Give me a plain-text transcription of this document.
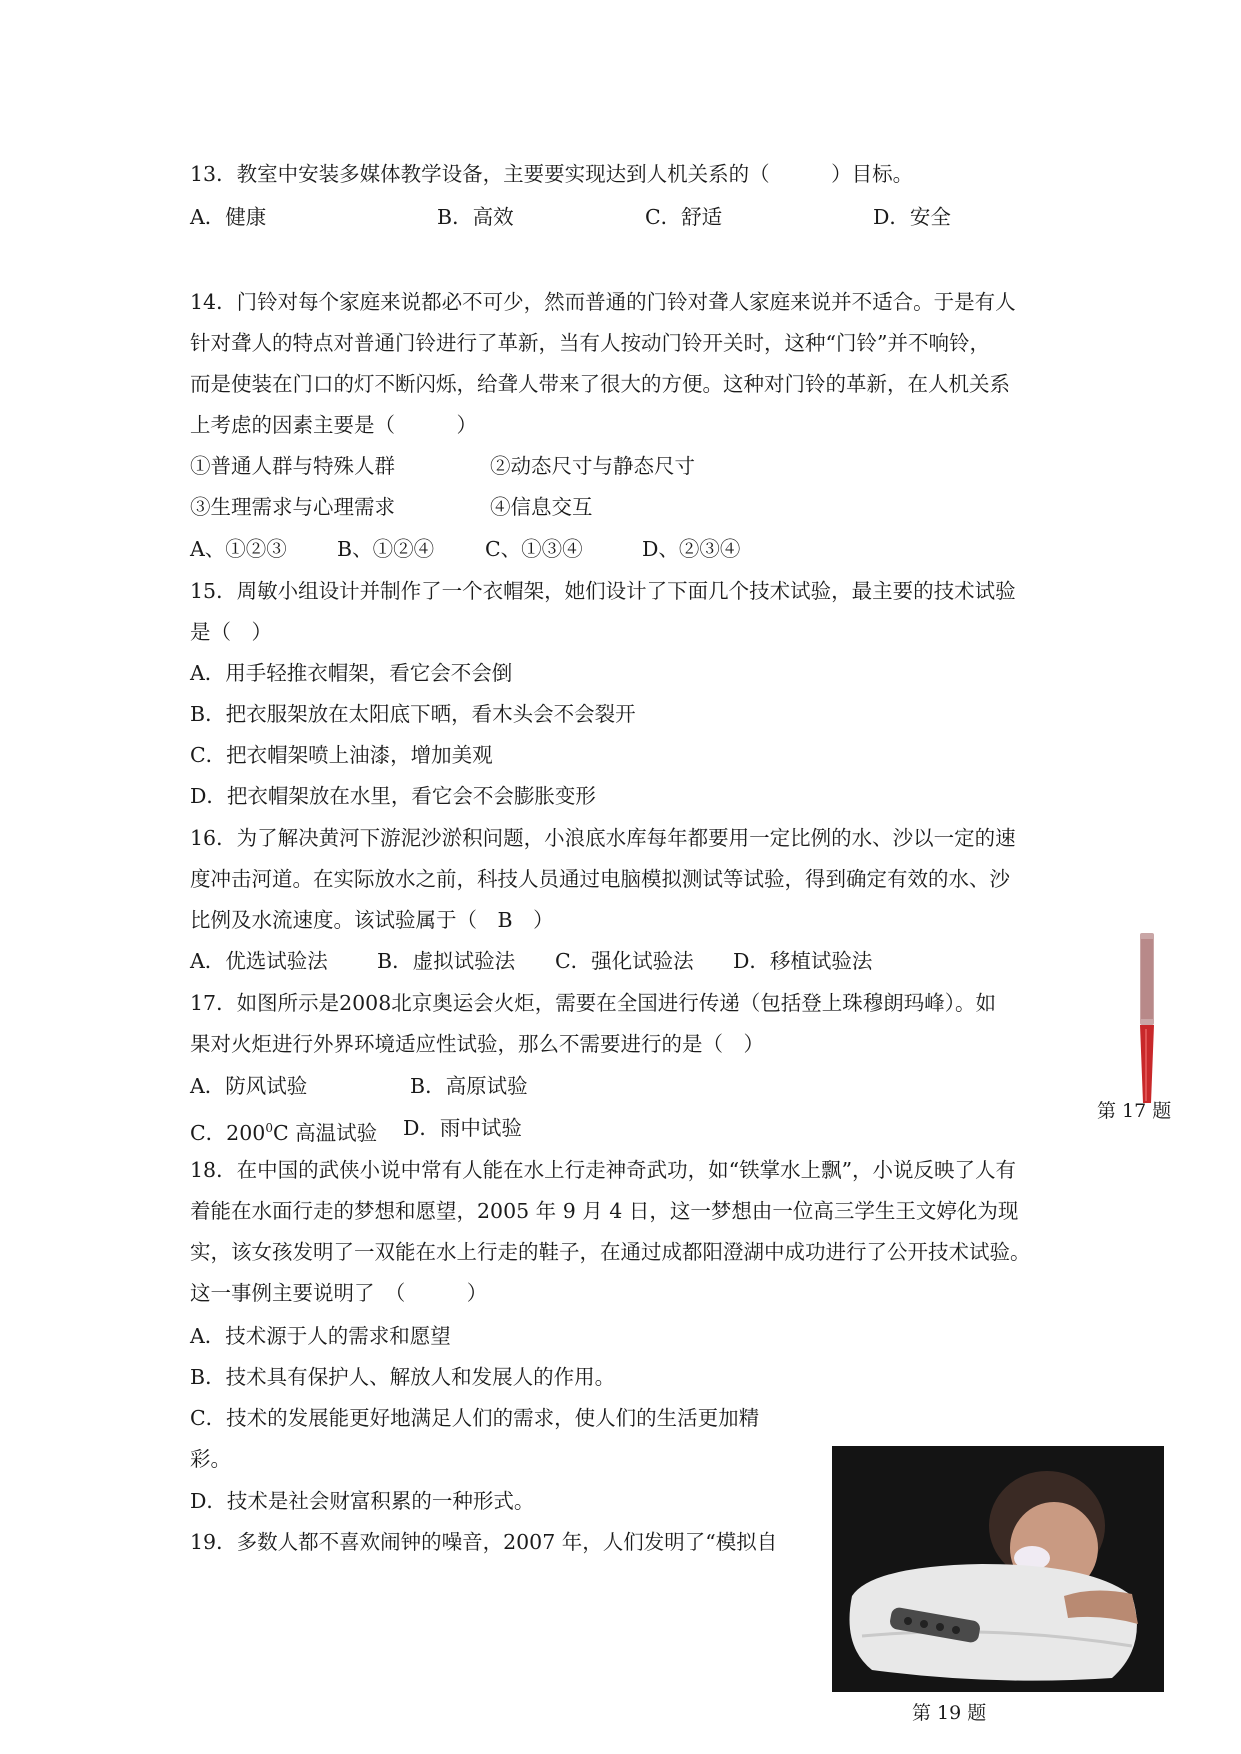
13．教室中安装多媒体教学设备，主要要实现达到人机关系的（　　　）目标。
A．健康	B．高效	C．舒适	D．安全
14．门铃对每个家庭来说都必不可少，然而普通的门铃对聋人家庭来说并不适合。于是有人
针对聋人的特点对普通门铃进行了革新，当有人按动门铃开关时，这种“门铃”并不响铃，
而是使装在门口的灯不断闪烁，给聋人带来了很大的方便。这种对门铃的革新，在人机关系
上考虑的因素主要是（　　　）
①普通人群与特殊人群	②动态尺寸与静态尺寸
③生理需求与心理需求	④信息交互
A、①②③ B、①②④ C、①③④	D、②③④
15．周敏小组设计并制作了一个衣帽架，她们设计了下面几个技术试验，最主要的技术试验
是（　）
A．用手轻推衣帽架，看它会不会倒
B．把衣服架放在太阳底下晒，看木头会不会裂开
C．把衣帽架喷上油漆，增加美观
D．把衣帽架放在水里，看它会不会膨胀变形
16．为了解决黄河下游泥沙淤积问题，小浪底水库每年都要用一定比例的水、沙以一定的速
度冲击河道。在实际放水之前，科技人员通过电脑模拟测试等试验，得到确定有效的水、沙
比例及水流速度。该试验属于（　B　）
A．优选试验法 B．虚拟试验法 C．强化试验法 D．移植试验法
17．如图所示是2008北京奥运会火炬，需要在全国进行传递（包括登上珠穆朗玛峰）。如
果对火炬进行外界环境适应性试验，那么不需要进行的是（　）
A．防风试验	B．高原试验
C．$200^0C$ 高温试验 D．雨中试验
第 17 题
18．在中国的武侠小说中常有人能在水上行走神奇武功，如“铁掌水上飘”，小说反映了人有
着能在水面行走的梦想和愿望，2005 年 9 月 4 日，这一梦想由一位高三学生王文婷化为现
实，该女孩发明了一双能在水上行走的鞋子，在通过成都阳澄湖中成功进行了公开技术试验。
这一事例主要说明了　（　　　）
A．技术源于人的需求和愿望
B．技术具有保护人、解放人和发展人的作用。
C．技术的发展能更好地满足人们的需求，使人们的生活更加精
彩。
D．技术是社会财富积累的一种形式。
19．多数人都不喜欢闹钟的噪音，2007 年，人们发明了“模拟自
第 19 题
